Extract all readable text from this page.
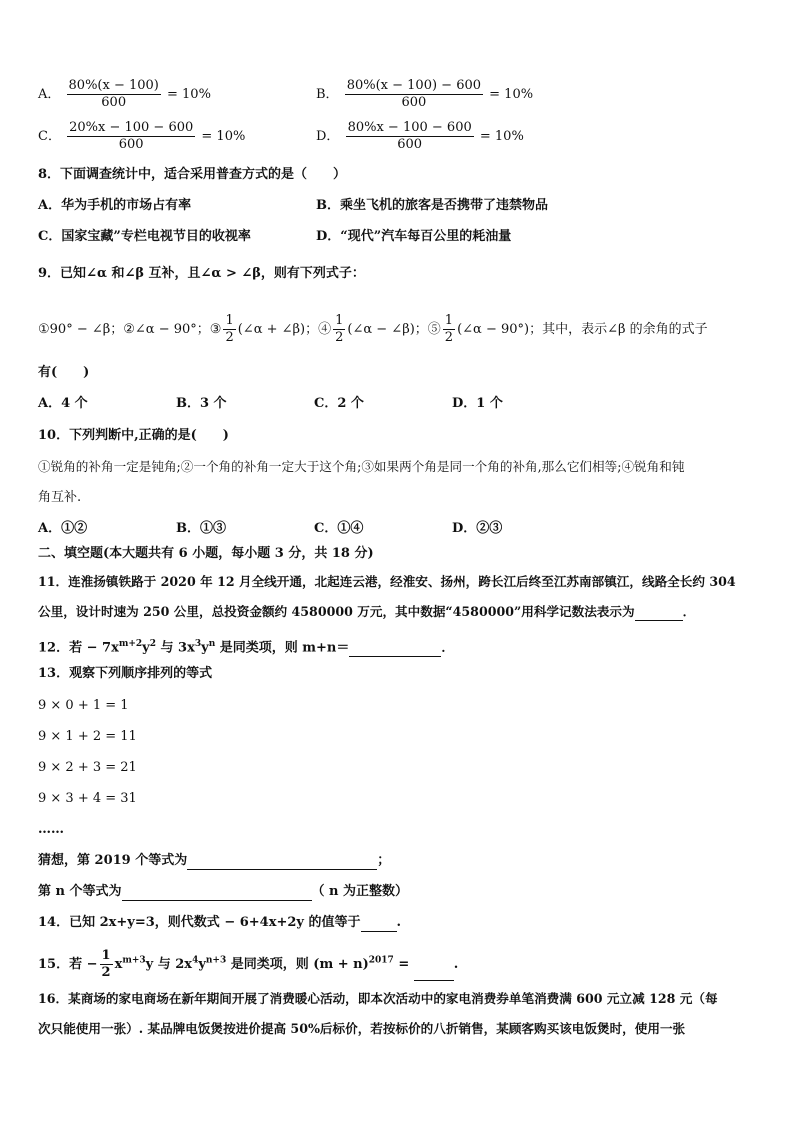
A． $\frac{80\%(x - 100)}{600} = 10\%$	B． $\frac{80\%(x - 100) - 600}{600} = 10\%$
C． $\frac{20\%x - 100 - 600}{600} = 10\%$	D． $\frac{80\%x - 100 - 600}{600} = 10\%$
8．下面调查统计中，适合采用普查方式的是（　　）
A．华为手机的市场占有率	B．乘坐飞机的旅客是否携带了违禁物品
C．国家宝藏”专栏电视节目的收视率	D．“现代”汽车每百公里的耗油量
9．已知∠α 和∠β 互补，且∠α > ∠β，则有下列式子：
①90° − ∠β；②∠α − 90°；③ $\frac{1}{2}$ (∠α + ∠β)；④ $\frac{1}{2}$ (∠α − ∠β)；⑤ $\frac{1}{2}$ (∠α − 90°)；其中，表示∠β 的余角的式子
有(　　)
A．4 个	B．3 个	C．2 个	D．1 个
10．下列判断中,正确的是(　　)
①锐角的补角一定是钝角;②一个角的补角一定大于这个角;③如果两个角是同一个角的补角,那么它们相等;④锐角和钝
角互补.
A．①②	B．①③	C．①④	D．②③
二、填空题(本大题共有 6 小题，每小题 3 分，共 18 分)
11．连淮扬镇铁路于 2020 年 12 月全线开通，北起连云港，经淮安、扬州，跨长江后终至江苏南部镇江，线路全长约 304
公里，设计时速为 250 公里，总投资金额约 4580000 万元，其中数据“4580000”用科学记数法表示为	．
12．若 − $7x^{m+2}y^2$ 与 $3x^3y^n$ 是同类项，则 m+n＝	．
13．观察下列顺序排列的等式
9 × 0 + 1 = 1
9 × 1 + 2 = 11
9 × 2 + 3 = 21
9 × 3 + 4 = 31
……
猜想，第 2019 个等式为	；
第 n 个等式为	（ n 为正整数）
14．已知 2x+y=3，则代数式 − 6+4x+2y 的值等于	.
15．若 − $\frac{1}{2} x^{m+3}y$ 与 $2x^4y^{n+3}$ 是同类项，则 $(m + n)^{2017}$ =	.
16．某商场的家电商场在新年期间开展了消费暖心活动，即本次活动中的家电消费券单笔消费满 600 元立减 128 元（每
次只能使用一张）. 某品牌电饭煲按进价提高 50%后标价，若按标价的八折销售，某顾客购买该电饭煲时，使用一张
